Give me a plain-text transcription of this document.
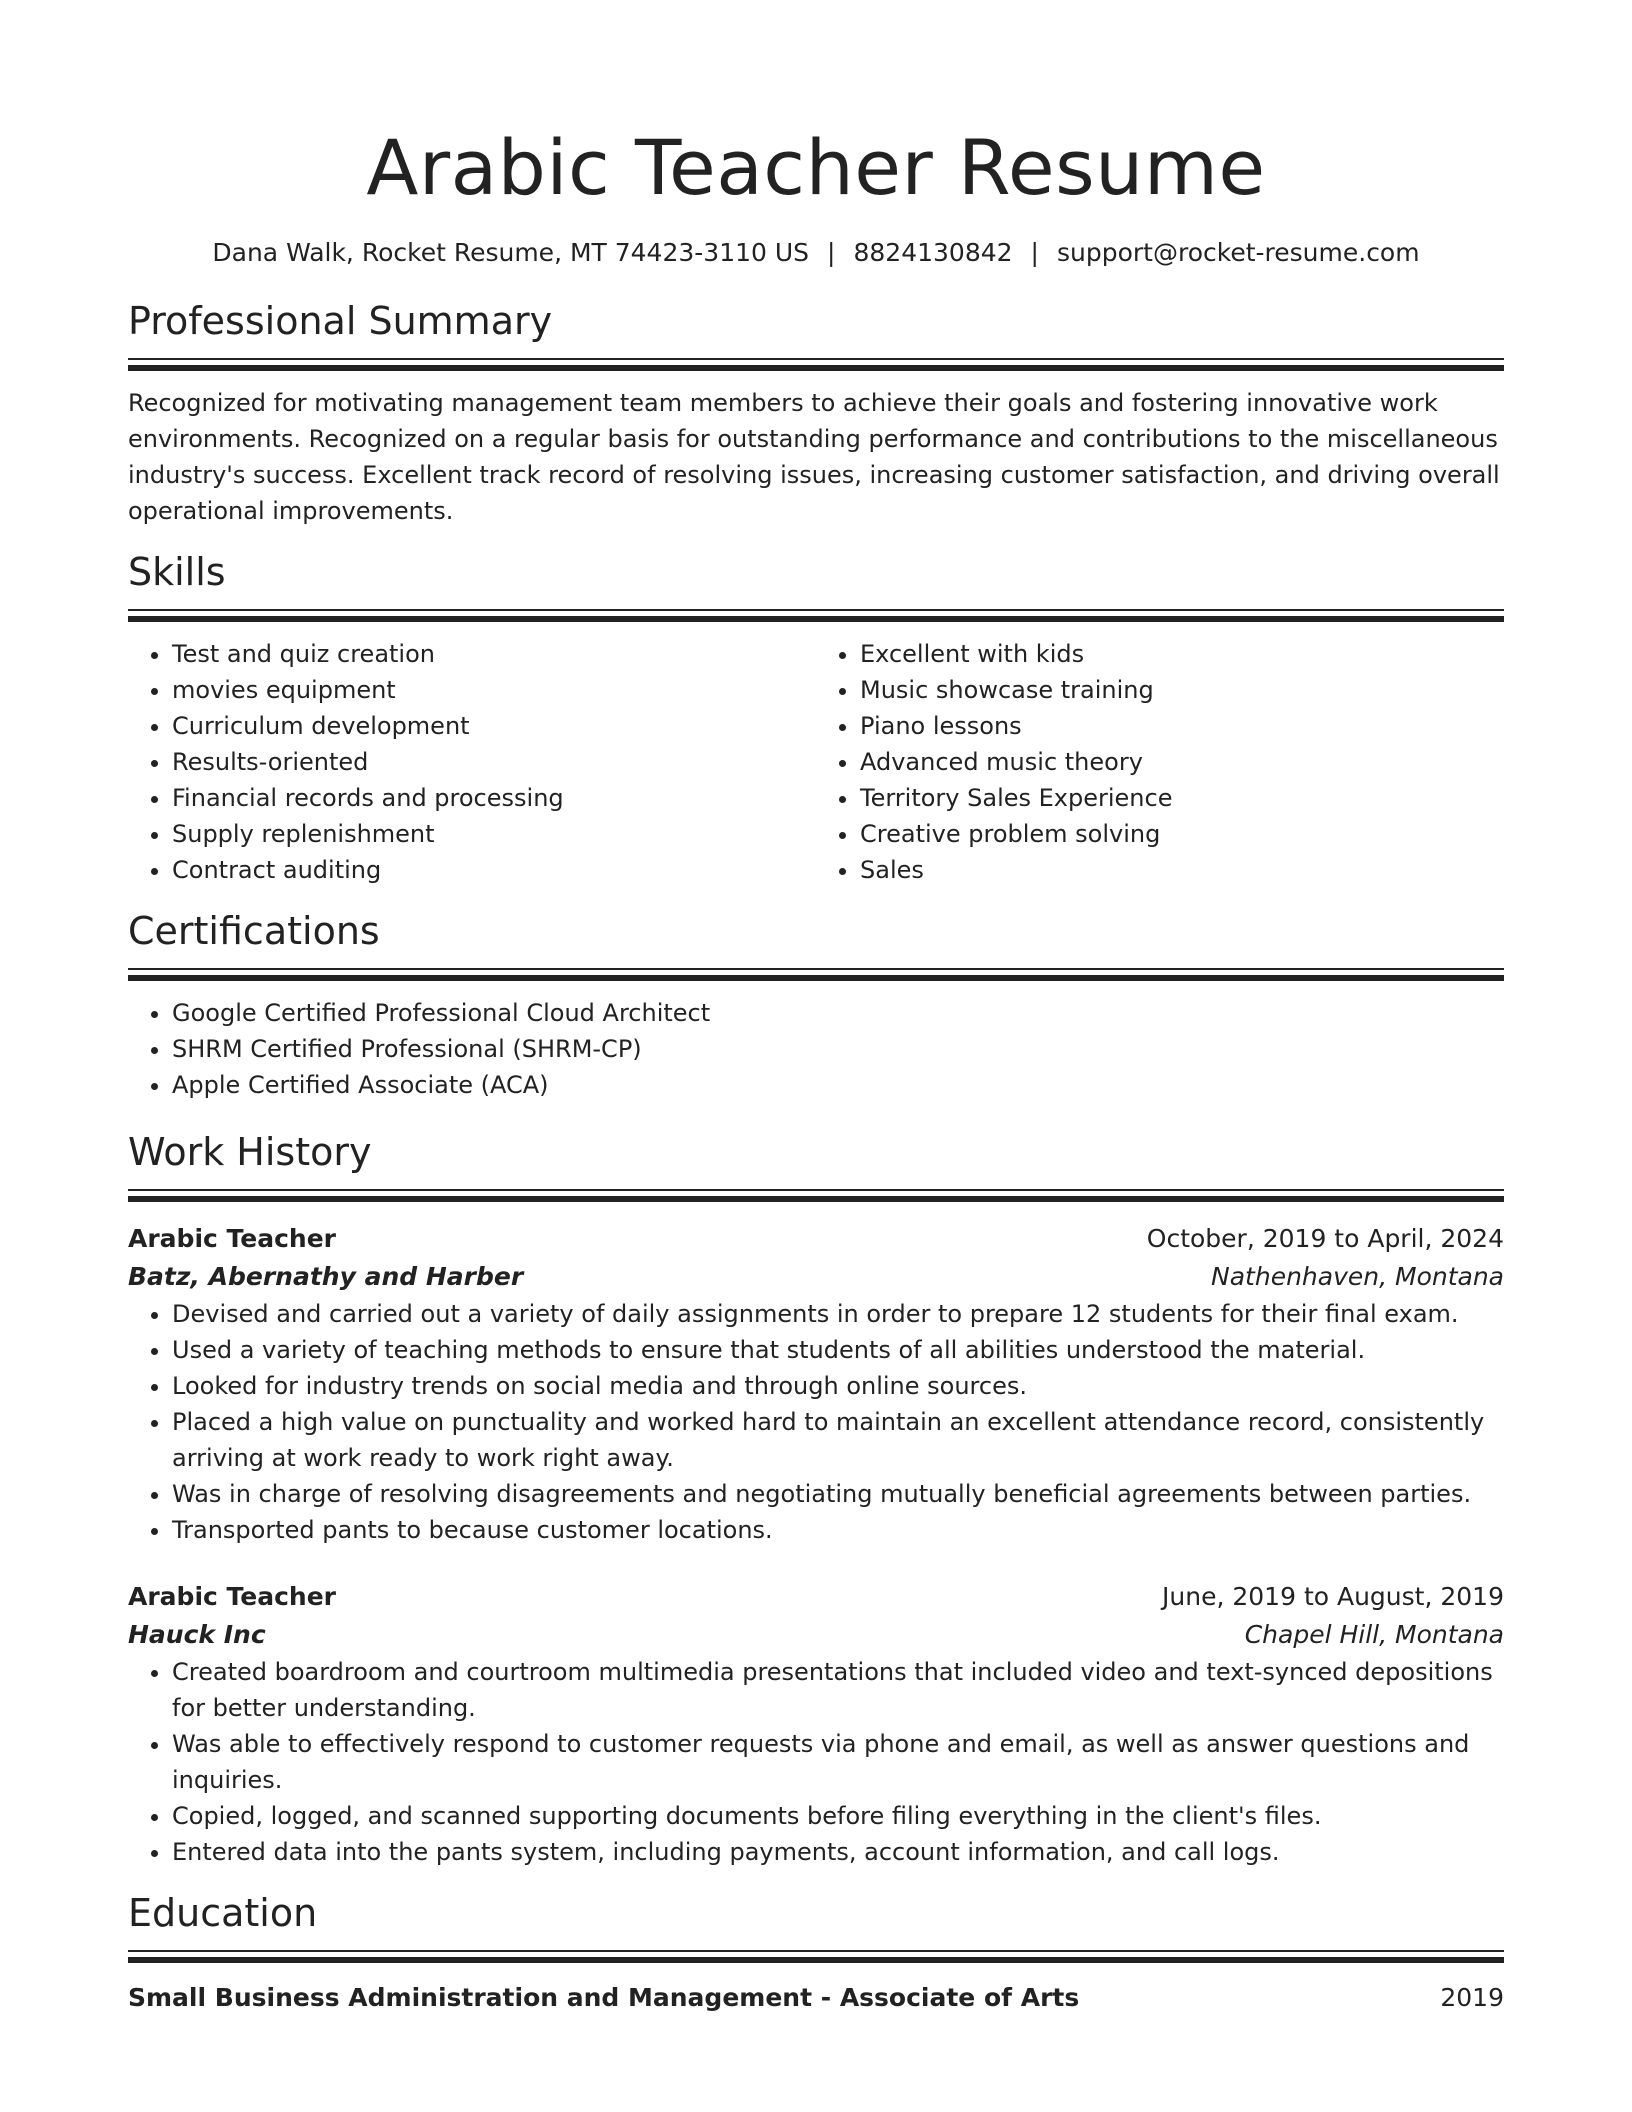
Arabic Teacher Resume
Dana Walk, Rocket Resume, MT 74423-3110 US | 8824130842 | support@rocket-resume.com
Professional Summary

Recognized for motivating management team members to achieve their goals and fostering innovative work environments. Recognized on a regular basis for outstanding performance and contributions to the miscellaneous industry's success. Excellent track record of resolving issues, increasing customer satisfaction, and driving overall operational improvements.

Skills
• Test and quiz creation
• movies equipment
• Curriculum development
• Results-oriented
• Financial records and processing
• Supply replenishment
• Contract auditing
• Excellent with kids
• Music showcase training
• Piano lessons
• Advanced music theory
• Territory Sales Experience
• Creative problem solving
• Sales
Certifications
• Google Certified Professional Cloud Architect
• SHRM Certified Professional (SHRM-CP)
• Apple Certified Associate (ACA)
Work History
Arabic Teacher	October, 2019 to April, 2024
Batz, Abernathy and Harber	Nathenhaven, Montana
• Devised and carried out a variety of daily assignments in order to prepare 12 students for their final exam.
• Used a variety of teaching methods to ensure that students of all abilities understood the material.
• Looked for industry trends on social media and through online sources.
• Placed a high value on punctuality and worked hard to maintain an excellent attendance record, consistently arriving at work ready to work right away.
• Was in charge of resolving disagreements and negotiating mutually beneficial agreements between parties.
• Transported pants to because customer locations.
Arabic Teacher	June, 2019 to August, 2019
Hauck Inc	Chapel Hill, Montana
• Created boardroom and courtroom multimedia presentations that included video and text-synced depositions for better understanding.
• Was able to effectively respond to customer requests via phone and email, as well as answer questions and inquiries.
• Copied, logged, and scanned supporting documents before filing everything in the client's files.
• Entered data into the pants system, including payments, account information, and call logs.
Education
Small Business Administration and Management - Associate of Arts	2019
